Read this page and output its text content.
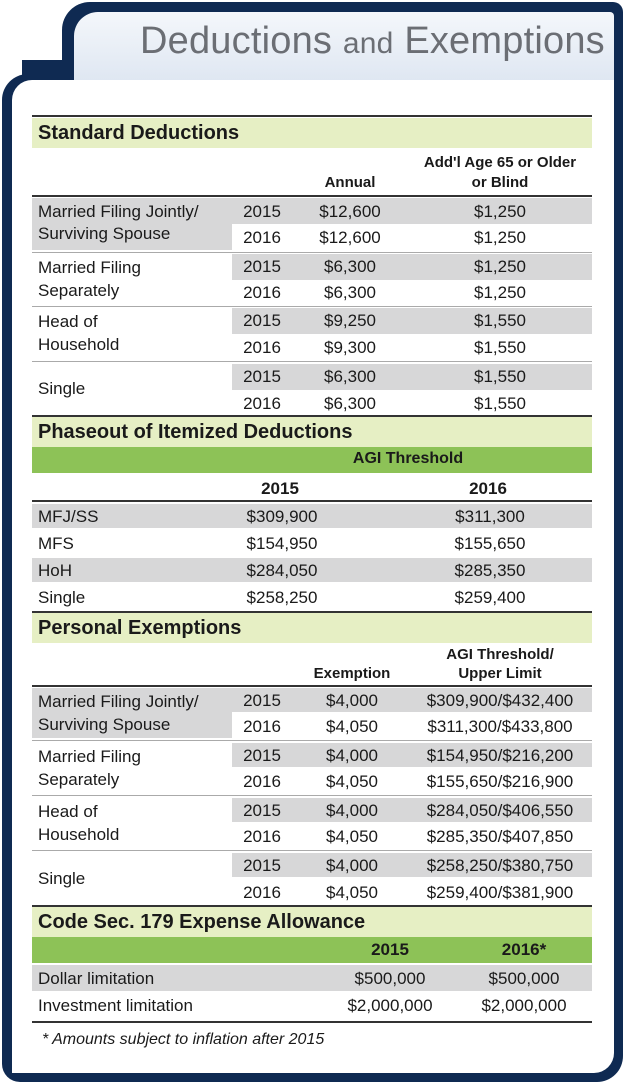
Deductions and Exemptions
Standard Deductions
Annual
Add'l Age 65 or Older
or Blind
Married Filing Jointly/
Surviving Spouse
2015 $12,600	$1,250
2016 $12,600	$1,250
Married Filing
Separately
2015	$6,300	$1,250
2016	$6,300	$1,250
Head of
Household
2015	$9,250	$1,550
2016	$9,300	$1,550
Single
2015	$6,300	$1,550
2016	$6,300	$1,550
Phaseout of Itemized Deductions
AGI Threshold
2015	2016
MFJ/SS	$309,900	$311,300
MFS	$154,950	$155,650
HoH	$284,050	$285,350
Single	$258,250	$259,400
Personal Exemptions
Exemption
AGI Threshold/
Upper Limit
Married Filing Jointly/
Surviving Spouse
2015	$4,000	$309,900/$432,400
2016	$4,050	$311,300/$433,800
Married Filing
Separately
2015	$4,000	$154,950/$216,200
2016	$4,050	$155,650/$216,900
Head of
Household
2015	$4,000	$284,050/$406,550
2016	$4,050	$285,350/$407,850
Single
2015	$4,000	$258,250/$380,750
2016	$4,050	$259,400/$381,900
Code Sec. 179 Expense Allowance
2015	2016*
Dollar limitation	$500,000	$500,000
Investment limitation	$2,000,000	$2,000,000
* Amounts subject to inflation after 2015
